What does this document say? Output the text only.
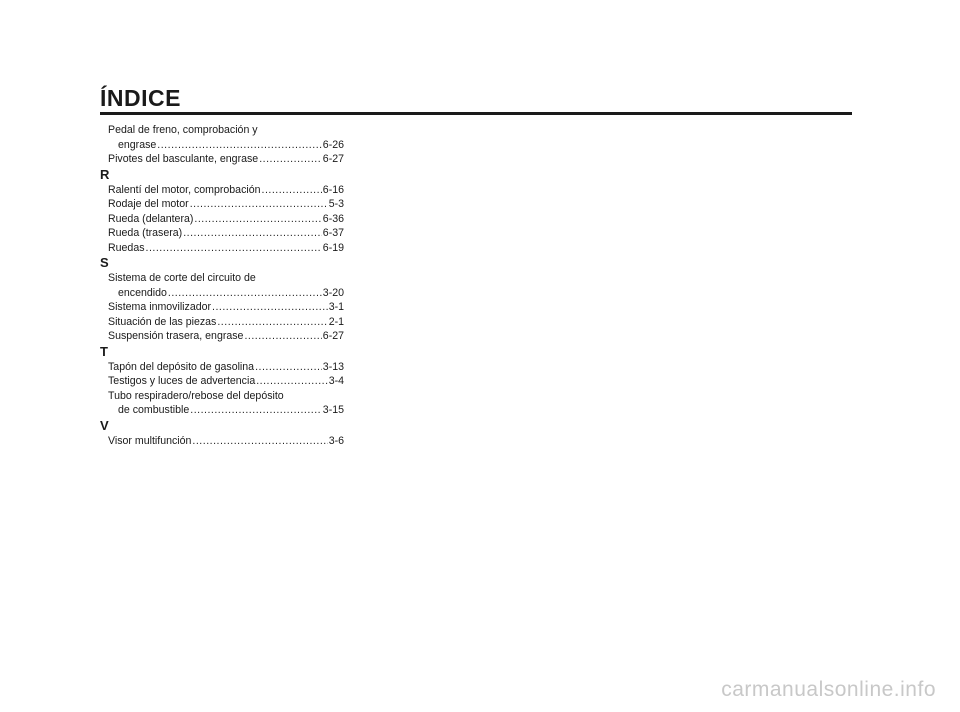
ÍNDICE
Pedal de freno, comprobación y
engrase .....	6-26
Pivotes del basculante, engrase .....	6-27
R
Ralentí del motor, comprobación .....	6-16
Rodaje del motor .....	5-3
Rueda (delantera) .....	6-36
Rueda (trasera) .....	6-37
Ruedas .....	6-19
S
Sistema de corte del circuito de
encendido .....	3-20
Sistema inmovilizador .....	3-1
Situación de las piezas .....	2-1
Suspensión trasera, engrase .....	6-27
T
Tapón del depósito de gasolina .....	3-13
Testigos y luces de advertencia .....	3-4
Tubo respiradero/rebose del depósito
de combustible .....	3-15
V
Visor multifunción .....	3-6
carmanualsonline.info
